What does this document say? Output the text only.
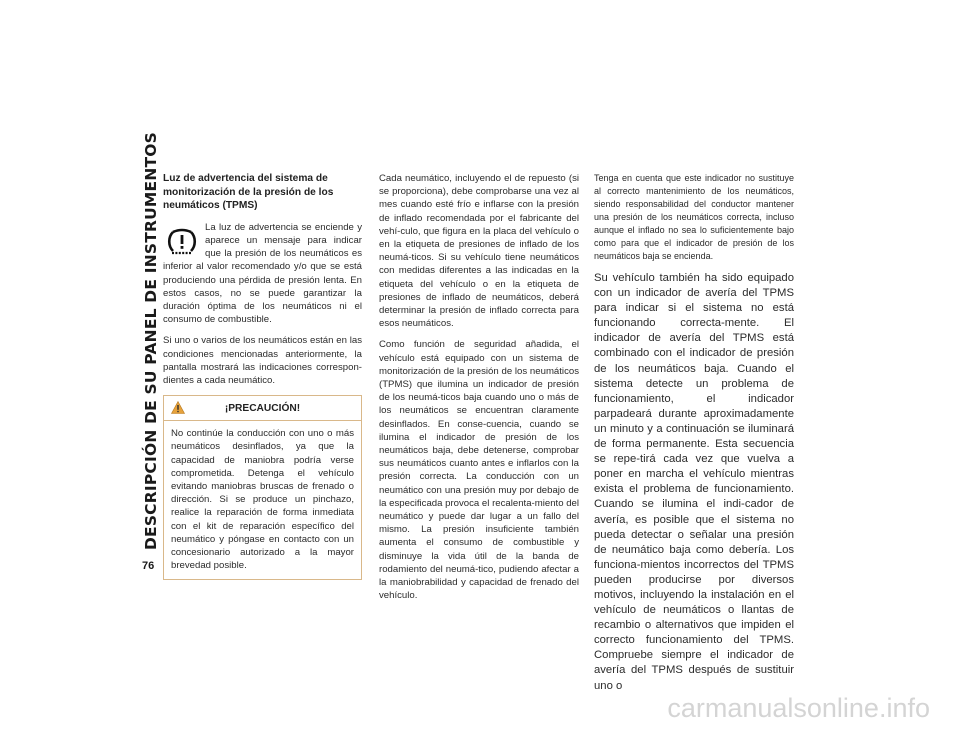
DESCRIPCIÓN DE SU PANEL DE INSTRUMENTOS
76
Luz de advertencia del sistema de monitorización de la presión de los neumáticos (TPMS)

La luz de advertencia se enciende y aparece un mensaje para indicar que la presión de los neumáticos es inferior al valor recomendado y/o que se está produciendo una pérdida de presión lenta. En estos casos, no se puede garantizar la duración óptima de los neumáticos ni el consumo de combustible.

Si uno o varios de los neumáticos están en las condiciones mencionadas anteriormente, la pantalla mostrará las indicaciones correspon-dientes a cada neumático.

¡PRECAUCIÓN!

No continúe la conducción con uno o más neumáticos desinflados, ya que la capacidad de maniobra podría verse comprometida. Detenga el vehículo evitando maniobras bruscas de frenado o dirección. Si se produce un pinchazo, realice la reparación de forma inmediata con el kit de reparación específico del neumático y póngase en contacto con un concesionario autorizado a la mayor brevedad posible.

Cada neumático, incluyendo el de repuesto (si se proporciona), debe comprobarse una vez al mes cuando esté frío e inflarse con la presión de inflado recomendada por el fabricante del vehí-culo, que figura en la placa del vehículo o en la etiqueta de presiones de inflado de los neumá-ticos. Si su vehículo tiene neumáticos con medidas diferentes a las indicadas en la etiqueta del vehículo o en la etiqueta de presiones de inflado de neumáticos, deberá determinar la presión de inflado correcta para esos neumáticos.

Como función de seguridad añadida, el vehículo está equipado con un sistema de monitorización de la presión de los neumáticos (TPMS) que ilumina un indicador de presión de los neumá-ticos baja cuando uno o más de los neumáticos se encuentran claramente desinflados. En conse-cuencia, cuando se ilumina el indicador de presión de los neumáticos baja, debe detenerse, comprobar sus neumáticos cuanto antes e inflarlos con la presión correcta. La conducción con un neumático con una presión muy por debajo de la especificada provoca el recalenta-miento del neumático y puede dar lugar a un fallo del mismo. La presión insuficiente también aumenta el consumo de combustible y disminuye la vida útil de la banda de rodamiento del neumá-tico, pudiendo afectar a la maniobrabilidad y capacidad de frenado del vehículo.

Tenga en cuenta que este indicador no sustituye al correcto mantenimiento de los neumáticos, siendo responsabilidad del conductor mantener una presión de los neumáticos correcta, incluso aunque el inflado no sea lo suficientemente bajo como para que el indicador de presión de los neumáticos baja se encienda.

Su vehículo también ha sido equipado con un indicador de avería del TPMS para indicar si el sistema no está funcionando correcta-mente. El indicador de avería del TPMS está combinado con el indicador de presión de los neumáticos baja. Cuando el sistema detecte un problema de funcionamiento, el indicador parpadeará durante aproximadamente un minuto y a continuación se iluminará de forma permanente. Esta secuencia se repe-tirá cada vez que vuelva a poner en marcha el vehículo mientras exista el problema de funcionamiento. Cuando se ilumina el indi-cador de avería, es posible que el sistema no pueda detectar o señalar una presión de neumático baja como debería. Los funciona-mientos incorrectos del TPMS pueden producirse por diversos motivos, incluyendo la instalación en el vehículo de neumáticos o llantas de recambio o alternativos que impiden el correcto funcionamiento del TPMS. Compruebe siempre el indicador de avería del TPMS después de sustituir uno o

carmanualsonline.info
